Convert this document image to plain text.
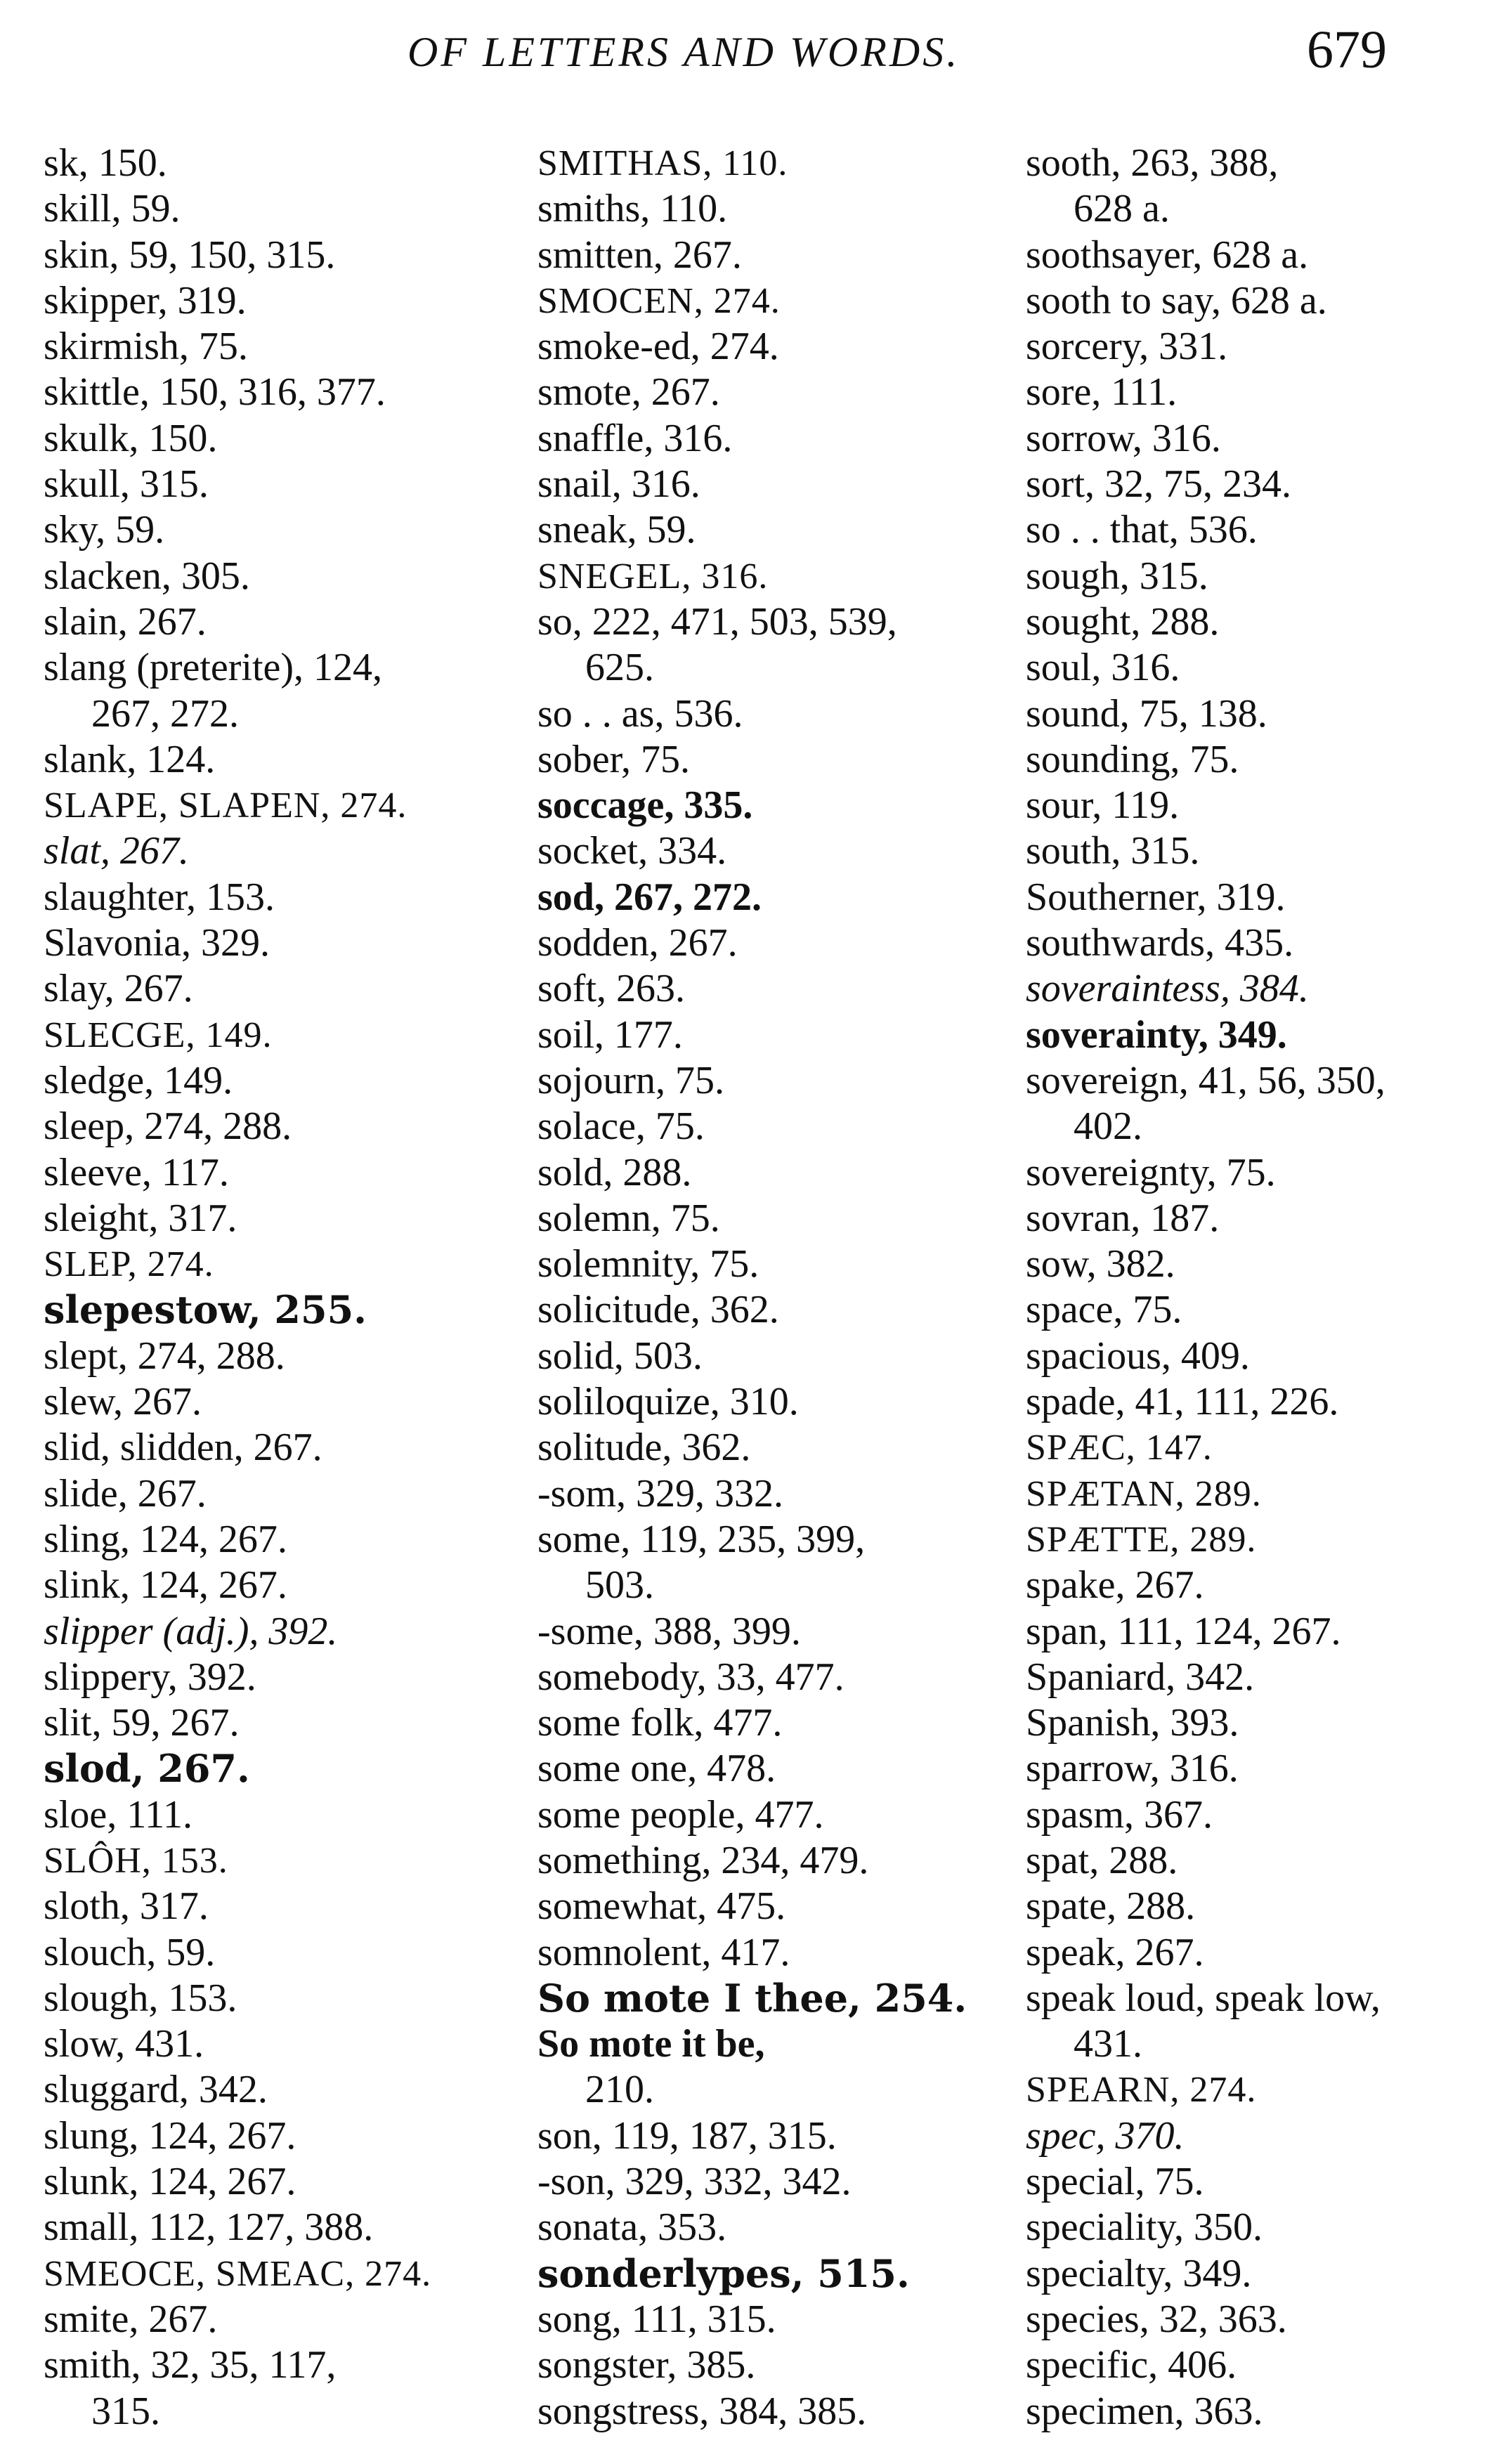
OF LETTERS AND WORDS.	679
sk, 150.
skill, 59.
skin, 59, 150, 315.
skipper, 319.
skirmish, 75.
skittle, 150, 316, 377.
skulk, 150.
skull, 315.
sky, 59.
slacken, 305.
slain, 267.
slang (preterite), 124,
267, 272.
slank, 124.
SLAPE, SLAPEN, 274.
slat, 267.
slaughter, 153.
Slavonia, 329.
slay, 267.
SLECGE, 149.
sledge, 149.
sleep, 274, 288.
sleeve, 117.
sleight, 317.
SLEP, 274.
slepestow, 255.
slept, 274, 288.
slew, 267.
slid, slidden, 267.
slide, 267.
sling, 124, 267.
slink, 124, 267.
slipper (adj.), 392.
slippery, 392.
slit, 59, 267.
slod, 267.
sloe, 111.
SLÔH, 153.
sloth, 317.
slouch, 59.
slough, 153.
slow, 431.
sluggard, 342.
slung, 124, 267.
slunk, 124, 267.
small, 112, 127, 388.
SMEOCE, SMEAC, 274.
smite, 267.
smith, 32, 35, 117,
315.
SMITHAS, 110.
smiths, 110.
smitten, 267.
SMOCEN, 274.
smoke-ed, 274.
smote, 267.
snaffle, 316.
snail, 316.
sneak, 59.
SNEGEL, 316.
so, 222, 471, 503, 539,
625.
so . . as, 536.
sober, 75.
soccage, 335.
socket, 334.
sod, 267, 272.
sodden, 267.
soft, 263.
soil, 177.
sojourn, 75.
solace, 75.
sold, 288.
solemn, 75.
solemnity, 75.
solicitude, 362.
solid, 503.
soliloquize, 310.
solitude, 362.
-som, 329, 332.
some, 119, 235, 399,
503.
-some, 388, 399.
somebody, 33, 477.
some folk, 477.
some one, 478.
some people, 477.
something, 234, 479.
somewhat, 475.
somnolent, 417.
So mote I thee, 254.
So mote it be,
210.
son, 119, 187, 315.
-son, 329, 332, 342.
sonata, 353.
sonderlypes, 515.
song, 111, 315.
songster, 385.
songstress, 384, 385.
sooth, 263, 388,
628 a.
soothsayer, 628 a.
sooth to say, 628 a.
sorcery, 331.
sore, 111.
sorrow, 316.
sort, 32, 75, 234.
so . . that, 536.
sough, 315.
sought, 288.
soul, 316.
sound, 75, 138.
sounding, 75.
sour, 119.
south, 315.
Southerner, 319.
southwards, 435.
soveraintess, 384.
soverainty, 349.
sovereign, 41, 56, 350,
402.
sovereignty, 75.
sovran, 187.
sow, 382.
space, 75.
spacious, 409.
spade, 41, 111, 226.
SPÆC, 147.
SPÆTAN, 289.
SPÆTTE, 289.
spake, 267.
span, 111, 124, 267.
Spaniard, 342.
Spanish, 393.
sparrow, 316.
spasm, 367.
spat, 288.
spate, 288.
speak, 267.
speak loud, speak low,
431.
SPEARN, 274.
spec, 370.
special, 75.
speciality, 350.
specialty, 349.
species, 32, 363.
specific, 406.
specimen, 363.
